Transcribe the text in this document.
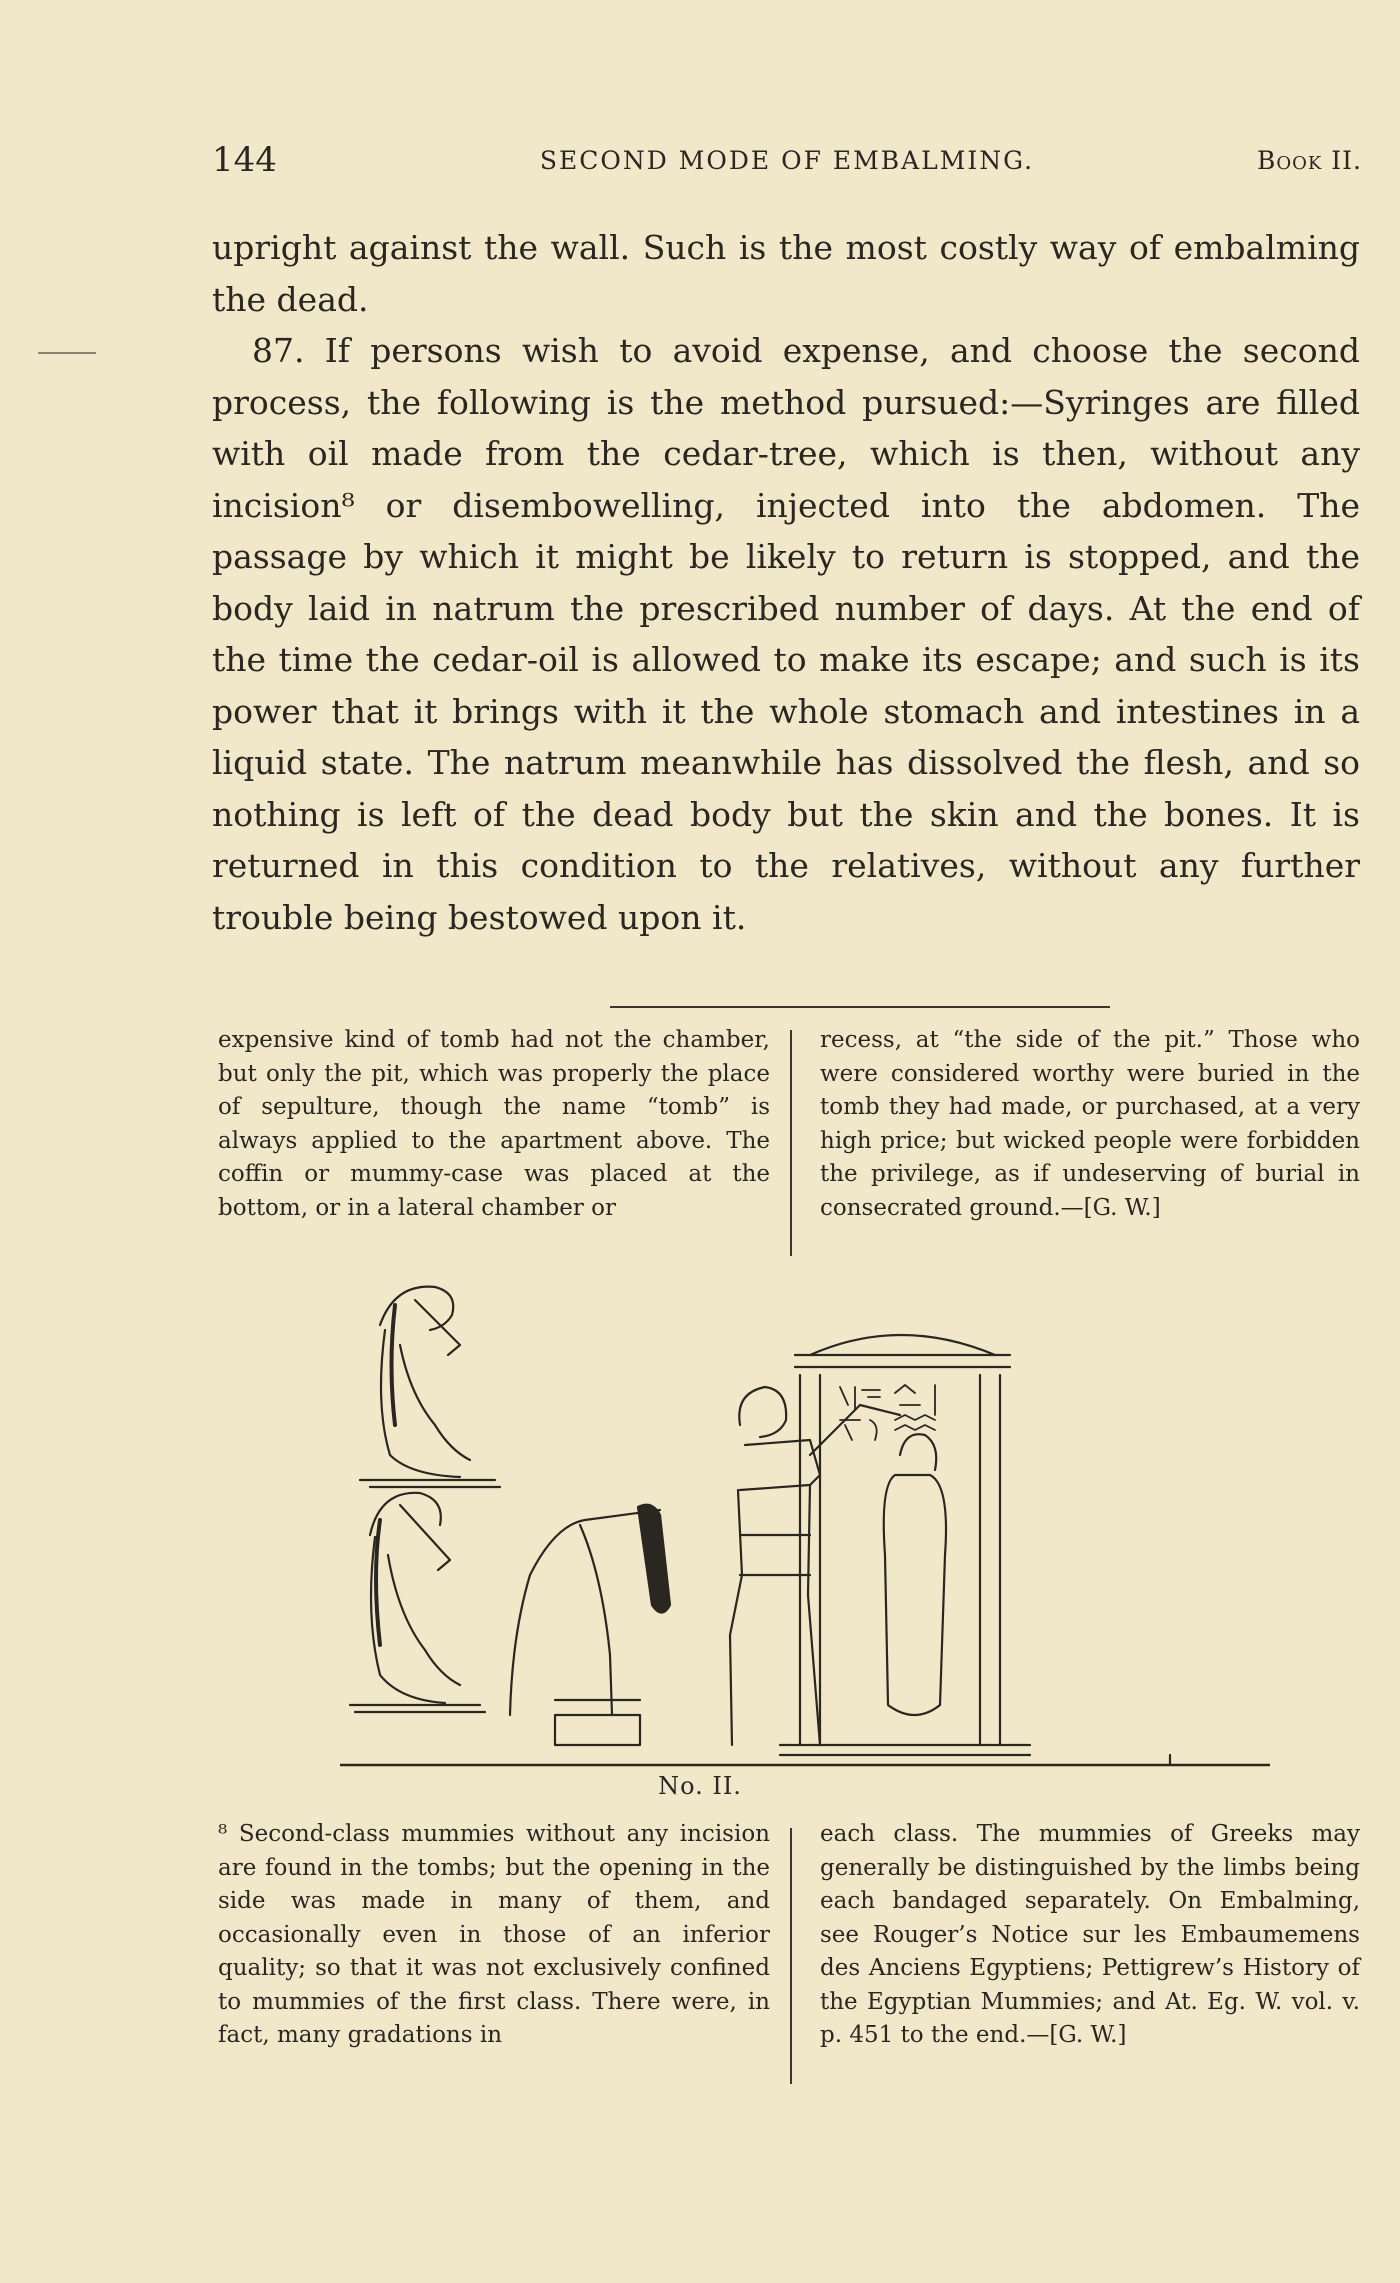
144	SECOND MODE OF EMBALMING.	Book II.

upright against the wall. Such is the most costly way of embalming the dead.

87. If persons wish to avoid expense, and choose the second process, the following is the method pursued:—Syringes are filled with oil made from the cedar-tree, which is then, without any incision⁸ or disembowelling, injected into the abdomen. The passage by which it might be likely to return is stopped, and the body laid in natrum the prescribed number of days. At the end of the time the cedar-oil is allowed to make its escape; and such is its power that it brings with it the whole stomach and intestines in a liquid state. The natrum meanwhile has dissolved the flesh, and so nothing is left of the dead body but the skin and the bones. It is returned in this condition to the relatives, without any further trouble being bestowed upon it.

expensive kind of tomb had not the chamber, but only the pit, which was properly the place of sepulture, though the name “tomb” is always applied to the apartment above. The coffin or mummy-case was placed at the bottom, or in a lateral chamber or

recess, at “the side of the pit.” Those who were considered worthy were buried in the tomb they had made, or purchased, at a very high price; but wicked people were forbidden the privilege, as if undeserving of burial in consecrated ground.—[G. W.]

No. II.

⁸ Second-class mummies without any incision are found in the tombs; but the opening in the side was made in many of them, and occasionally even in those of an inferior quality; so that it was not exclusively confined to mummies of the first class. There were, in fact, many gradations in

each class. The mummies of Greeks may generally be distinguished by the limbs being each bandaged separately. On Embalming, see Rouger’s Notice sur les Embaumemens des Anciens Egyptiens; Pettigrew’s History of the Egyptian Mummies; and At. Eg. W. vol. v. p. 451 to the end.—[G. W.]
